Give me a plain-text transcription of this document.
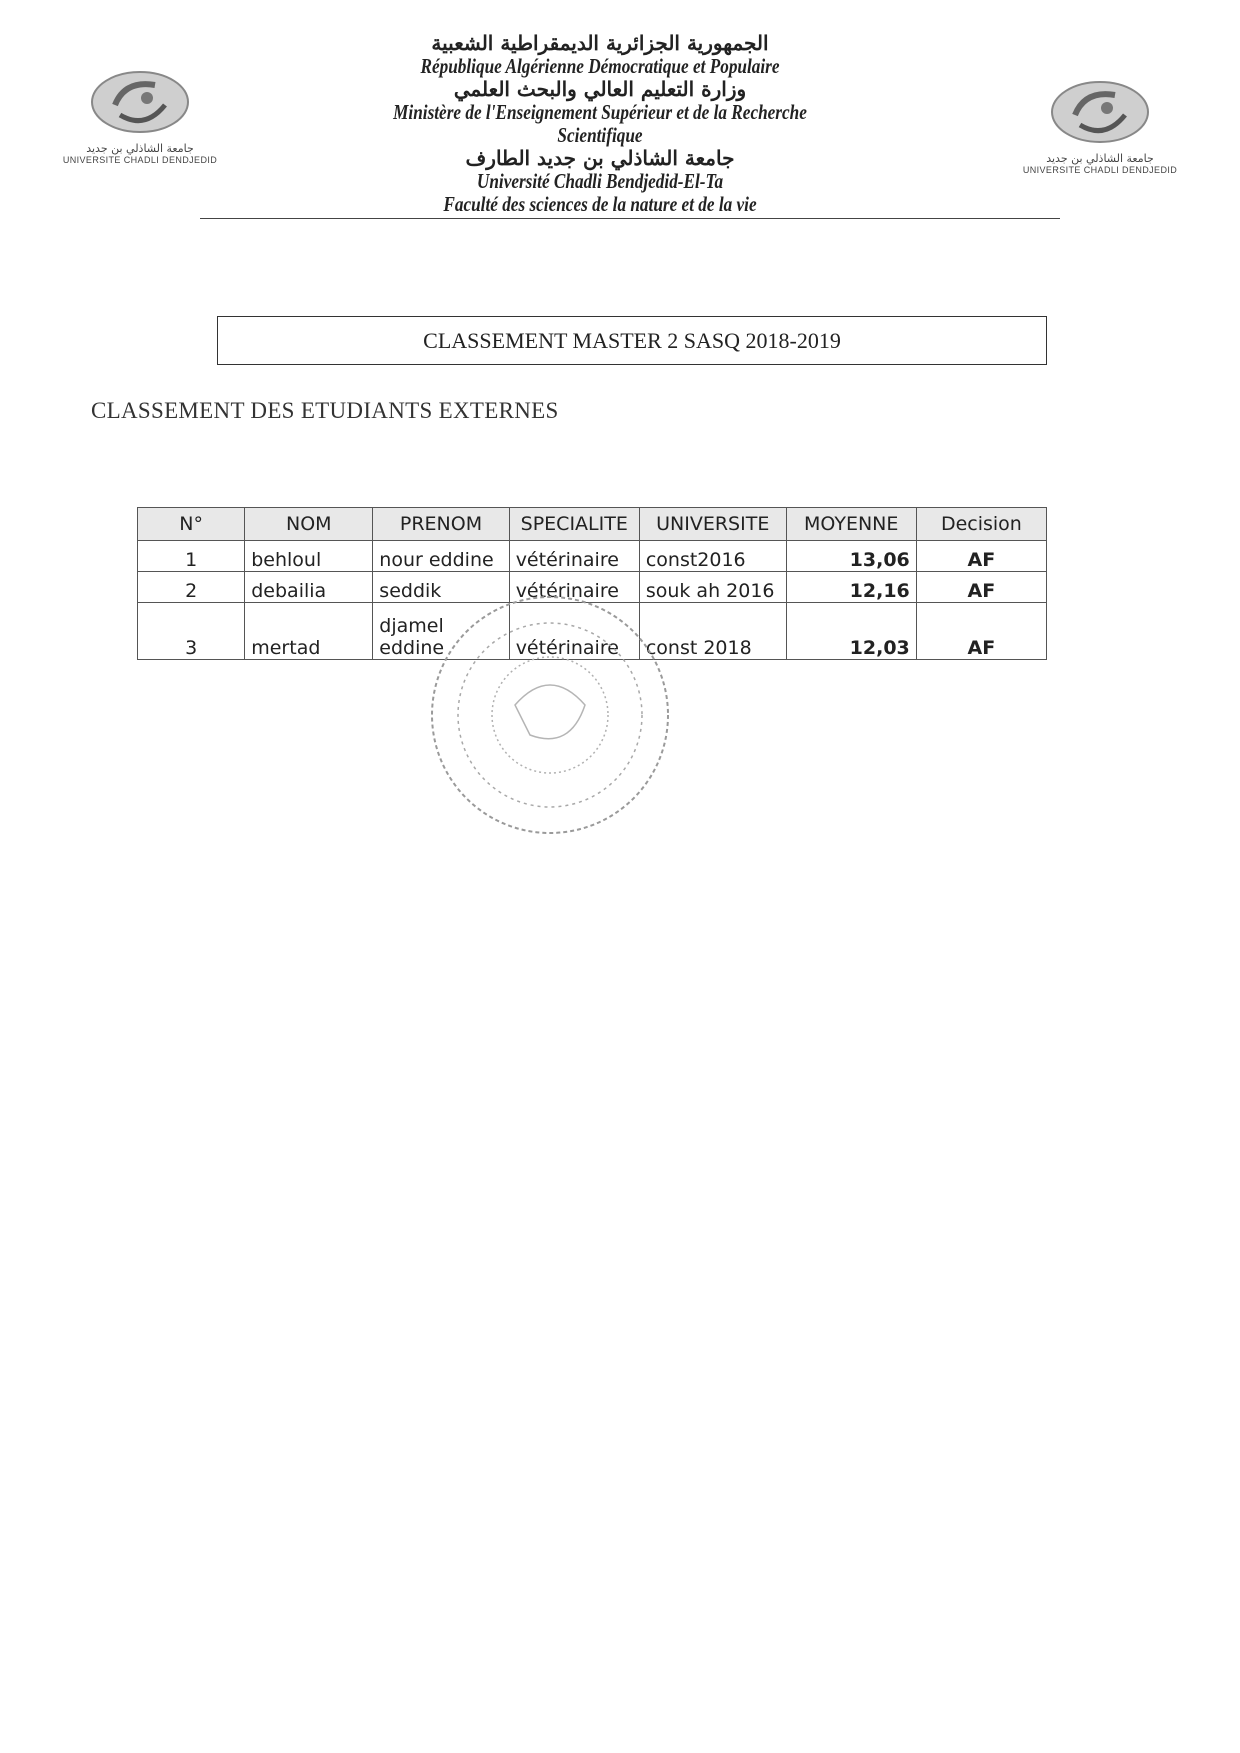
جامعة الشاذلي بن جديد
UNIVERSITE CHADLI DENDJEDID	جامعة الشاذلي بن جديد
UNIVERSITE CHADLI DENDJEDID
الجمهورية الجزائرية الديمقراطية الشعبية
République Algérienne Démocratique et Populaire
وزارة التعليم العالي والبحث العلمي
Ministère de l'Enseignement Supérieur et de la Recherche Scientifique
جامعة الشاذلي بن جديد الطارف
Université Chadli Bendjedid-El-Ta
Faculté des sciences de la nature et de la vie
CLASSEMENT MASTER 2 SASQ 2018-2019
CLASSEMENT DES ETUDIANTS EXTERNES
N°	NOM	PRENOM	SPECIALITE	UNIVERSITE	MOYENNE	Decision
1	behloul	nour eddine	vétérinaire	const2016	13,06	AF
2	debailia	seddik	vétérinaire	souk ah 2016	12,16	AF
3	mertad	djamel eddine	vétérinaire	const 2018	12,03	AF
